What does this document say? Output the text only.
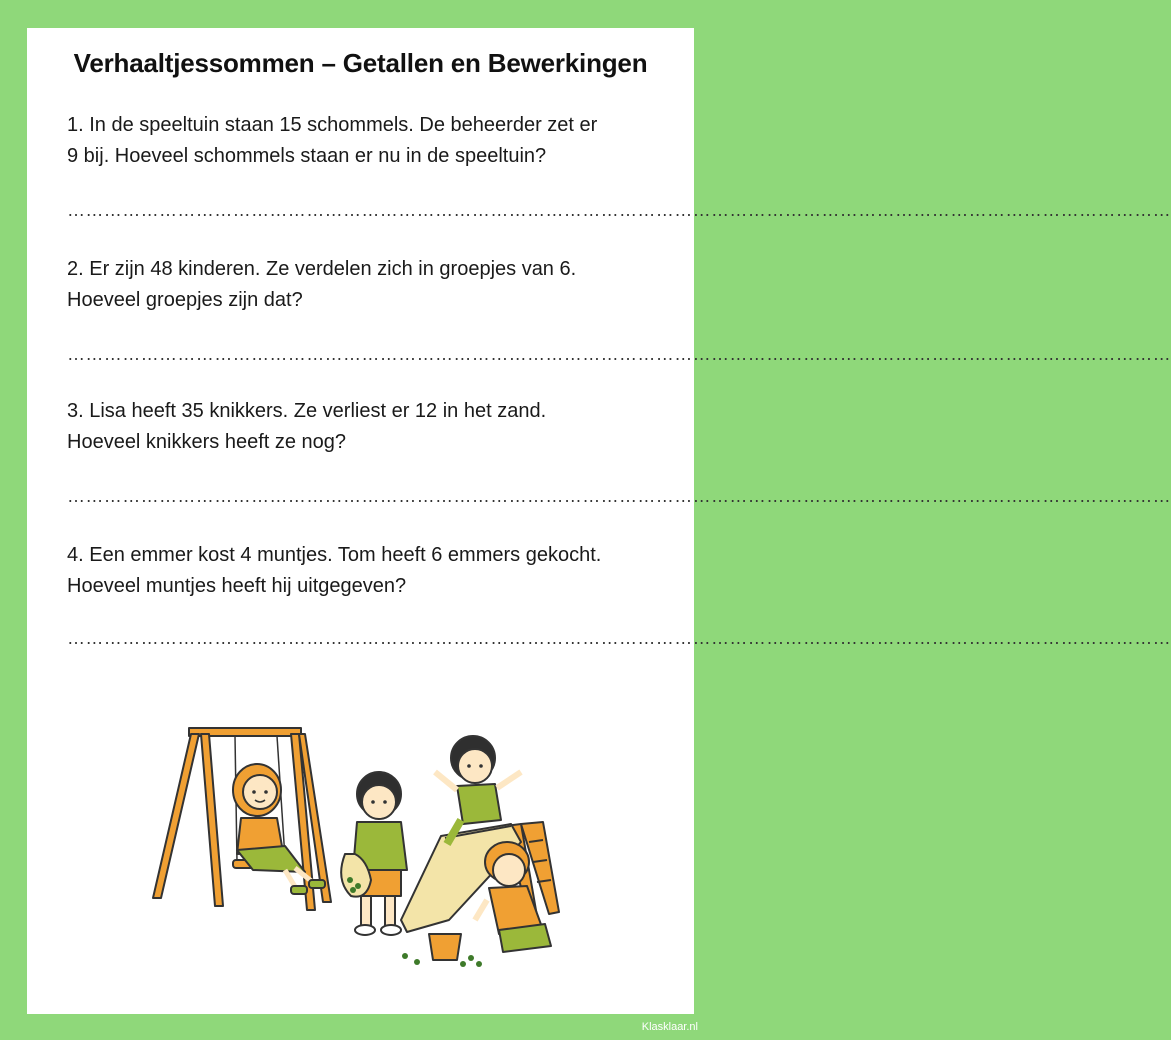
Verhaaltjessommen – Getallen en Bewerkingen
1. In de speeltuin staan 15 schommels. De beheerder zet er
9 bij. Hoeveel schommels staan er nu in de speeltuin?
………………………………………………………………………………………………………………………………………………………………
2. Er zijn 48 kinderen. Ze verdelen zich in groepjes van 6.
Hoeveel groepjes zijn dat?
………………………………………………………………………………………………………………………………………………………………
3. Lisa heeft 35 knikkers. Ze verliest er 12 in het zand.
Hoeveel knikkers heeft ze nog?
………………………………………………………………………………………………………………………………………………………………
4. Een emmer kost 4 muntjes. Tom heeft 6 emmers gekocht.
Hoeveel muntjes heeft hij uitgegeven?
………………………………………………………………………………………………………………………………………………………………
Klasklaar.nl
